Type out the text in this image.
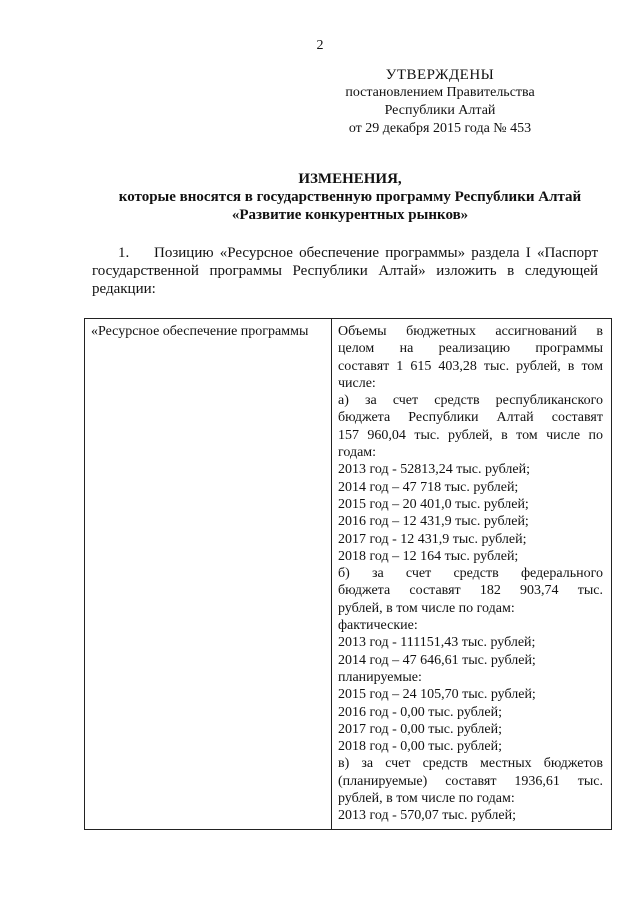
2
УТВЕРЖДЕНЫ
постановлением Правительства
Республики Алтай
от 29 декабря 2015 года № 453
ИЗМЕНЕНИЯ,
которые вносятся в государственную программу Республики Алтай
«Развитие конкурентных рынков»
1. Позицию «Ресурсное обеспечение программы» раздела I «Паспорт государственной программы Республики Алтай» изложить в следующей редакции:
«Ресурсное обеспечение программы	Объемы бюджетных ассигнований в
целом на реализацию программы
составят 1 615 403,28 тыс. рублей, в том
числе:
а) за счет средств республиканского
бюджета Республики Алтай составят
157 960,04 тыс. рублей, в том числе по
годам:
2013 год - 52813,24 тыс. рублей;
2014 год – 47 718 тыс. рублей;
2015 год – 20 401,0 тыс. рублей;
2016 год – 12 431,9 тыс. рублей;
2017 год - 12 431,9 тыс. рублей;
2018 год – 12 164 тыс. рублей;
б) за счет средств федерального
бюджета составят 182 903,74 тыс.
рублей, в том числе по годам:
фактические:
2013 год - 111151,43 тыс. рублей;
2014 год – 47 646,61 тыс. рублей;
планируемые:
2015 год – 24 105,70 тыс. рублей;
2016 год - 0,00 тыс. рублей;
2017 год - 0,00 тыс. рублей;
2018 год - 0,00 тыс. рублей;
в) за счет средств местных бюджетов
(планируемые) составят 1936,61 тыс.
рублей, в том числе по годам:
2013 год - 570,07 тыс. рублей;
